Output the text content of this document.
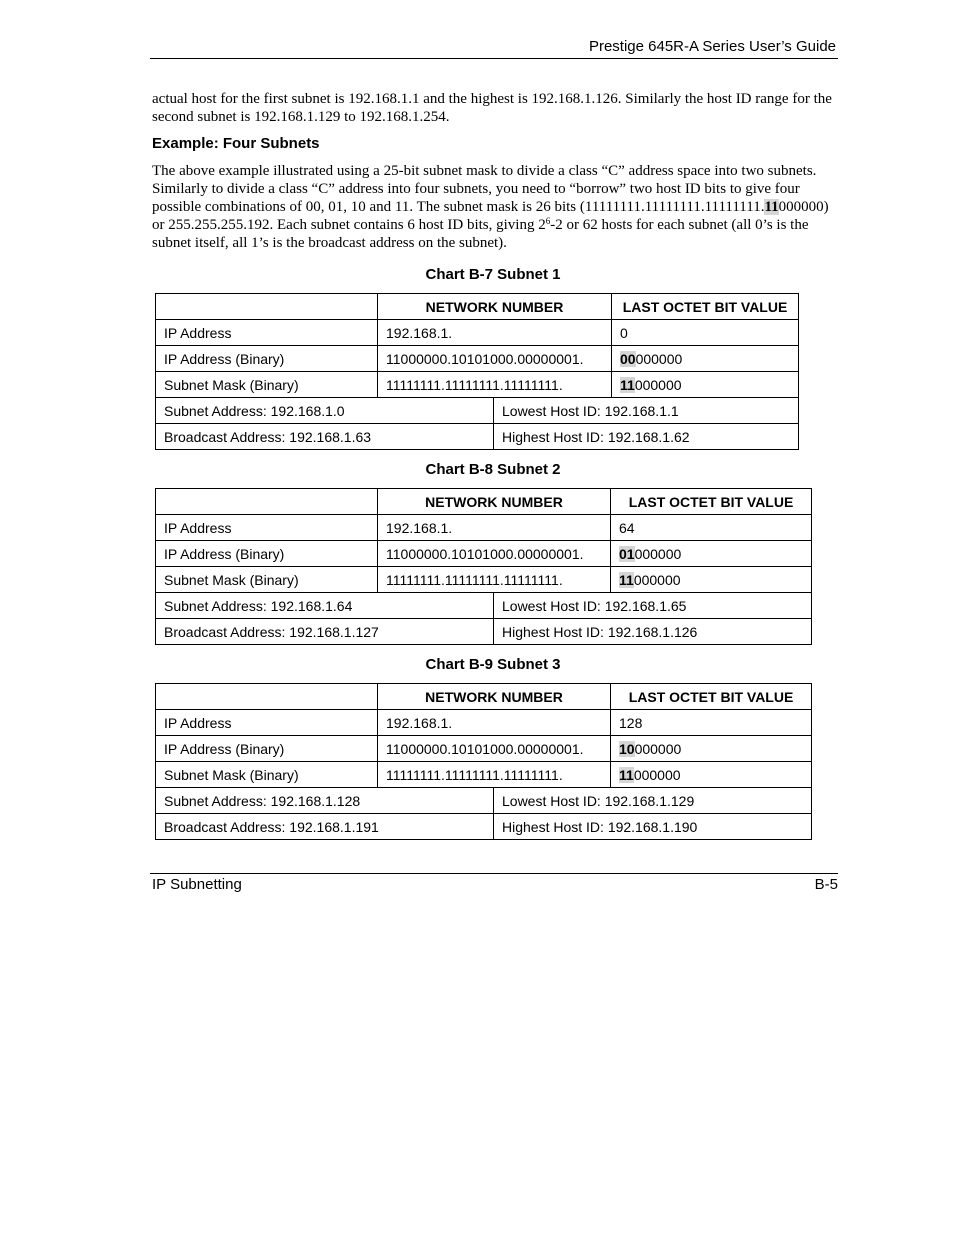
Prestige 645R-A Series User’s Guide

actual host for the first subnet is 192.168.1.1 and the highest is 192.168.1.126. Similarly the host ID range for the second subnet is 192.168.1.129 to 192.168.1.254.

Example: Four Subnets

The above example illustrated using a 25-bit subnet mask to divide a class “C” address space into two subnets. Similarly to divide a class “C” address into four subnets, you need to “borrow” two host ID bits to give four possible combinations of 00, 01, 10 and 11. The subnet mask is 26 bits (11111111.11111111.11111111.11000000) or 255.255.255.192. Each subnet contains 6 host ID bits, giving $2^6-2$ or 62 hosts for each subnet (all 0’s is the subnet itself, all 1’s is the broadcast address on the subnet).

Chart B-7 Subnet 1

	NETWORK NUMBER		LAST OCTET BIT VALUE
IP Address	192.168.1.		0
IP Address (Binary)	11000000.10101000.00000001.		00000000
Subnet Mask (Binary)	11111111.11111111.11111111.		11000000
Subnet Address: 192.168.1.0		Lowest Host ID: 192.168.1.1	
Broadcast Address: 192.168.1.63		Highest Host ID: 192.168.1.62	

Chart B-8 Subnet 2

	NETWORK NUMBER		LAST OCTET BIT VALUE
IP Address	192.168.1.		64
IP Address (Binary)	11000000.10101000.00000001.		01000000
Subnet Mask (Binary)	11111111.11111111.11111111.		11000000
Subnet Address: 192.168.1.64		Lowest Host ID: 192.168.1.65	
Broadcast Address: 192.168.1.127		Highest Host ID: 192.168.1.126	

Chart B-9 Subnet 3

	NETWORK NUMBER		LAST OCTET BIT VALUE
IP Address	192.168.1.		128
IP Address (Binary)	11000000.10101000.00000001.		10000000
Subnet Mask (Binary)	11111111.11111111.11111111.		11000000
Subnet Address: 192.168.1.128		Lowest Host ID: 192.168.1.129	
Broadcast Address: 192.168.1.191		Highest Host ID: 192.168.1.190	
IP Subnetting	B-5
